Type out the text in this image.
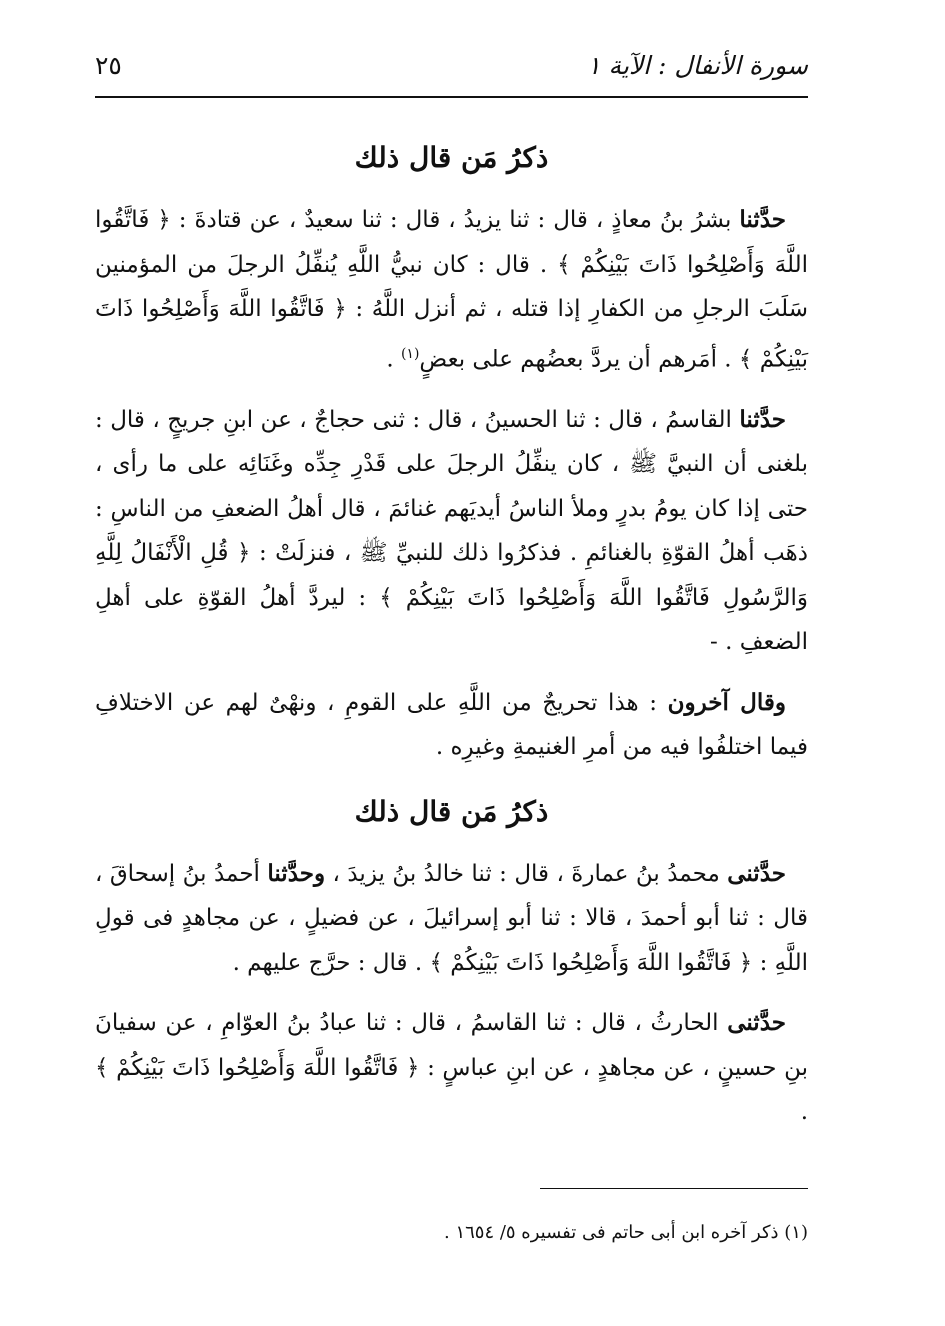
سورة الأنفال : الآية ١
٢٥
ذكرُ مَن قال ذلك

حدَّثنا بشرُ بنُ معاذٍ ، قال : ثنا يزيدُ ، قال : ثنا سعيدٌ ، عن قتادةَ : ﴿ فَاتَّقُوا اللَّهَ وَأَصْلِحُوا ذَاتَ بَيْنِكُمْ ﴾ . قال : كان نبيُّ اللَّهِ يُنفِّلُ الرجلَ من المؤمنين سَلَبَ الرجلِ من الكفارِ إذا قتله ، ثم أنزل اللَّهُ : ﴿ فَاتَّقُوا اللَّهَ وَأَصْلِحُوا ذَاتَ بَيْنِكُمْ ﴾ . أمَرهم أن يردَّ بعضُهم على بعضٍ$^{(١)}$ .

حدَّثنا القاسمُ ، قال : ثنا الحسينُ ، قال : ثنى حجاجٌ ، عن ابنِ جريجٍ ، قال : بلغنى أن النبيَّ ﷺ ، كان ينفِّلُ الرجلَ على قَدْرِ جِدِّه وغَنَائِه على ما رأى ، حتى إذا كان يومُ بدرٍ وملأ الناسُ أيديَهم غنائمَ ، قال أهلُ الضعفِ من الناسِ : ذهَب أهلُ القوّةِ بالغنائمِ . فذكرُوا ذلك للنبيِّ ﷺ ، فنزلَتْ : ﴿ قُلِ الْأَنْفَالُ لِلَّهِ وَالرَّسُولِ فَاتَّقُوا اللَّهَ وَأَصْلِحُوا ذَاتَ بَيْنِكُمْ ﴾ : ليردَّ أهلُ القوّةِ على أهلِ الضعفِ . -

وقال آخرون : هذا تحريجٌ من اللَّهِ على القومِ ، ونهْىٌ لهم عن الاختلافِ فيما اختلفُوا فيه من أمرِ الغنيمةِ وغيرِه .

ذكرُ مَن قال ذلك

حدَّثنى محمدُ بنُ عمارةَ ، قال : ثنا خالدُ بنُ يزيدَ ، وحدَّثنا أحمدُ بنُ إسحاقَ ، قال : ثنا أبو أحمدَ ، قالا : ثنا أبو إسرائيلَ ، عن فضيلٍ ، عن مجاهدٍ فى قولِ اللَّهِ : ﴿ فَاتَّقُوا اللَّهَ وَأَصْلِحُوا ذَاتَ بَيْنِكُمْ ﴾ . قال : حرَّج عليهم .

حدَّثنى الحارثُ ، قال : ثنا القاسمُ ، قال : ثنا عبادُ بنُ العوّامِ ، عن سفيانَ بنِ حسينٍ ، عن مجاهدٍ ، عن ابنِ عباسٍ : ﴿ فَاتَّقُوا اللَّهَ وَأَصْلِحُوا ذَاتَ بَيْنِكُمْ ﴾ .

(١) ذكر آخره ابن أبى حاتم فى تفسيره ٥/ ١٦٥٤ .
